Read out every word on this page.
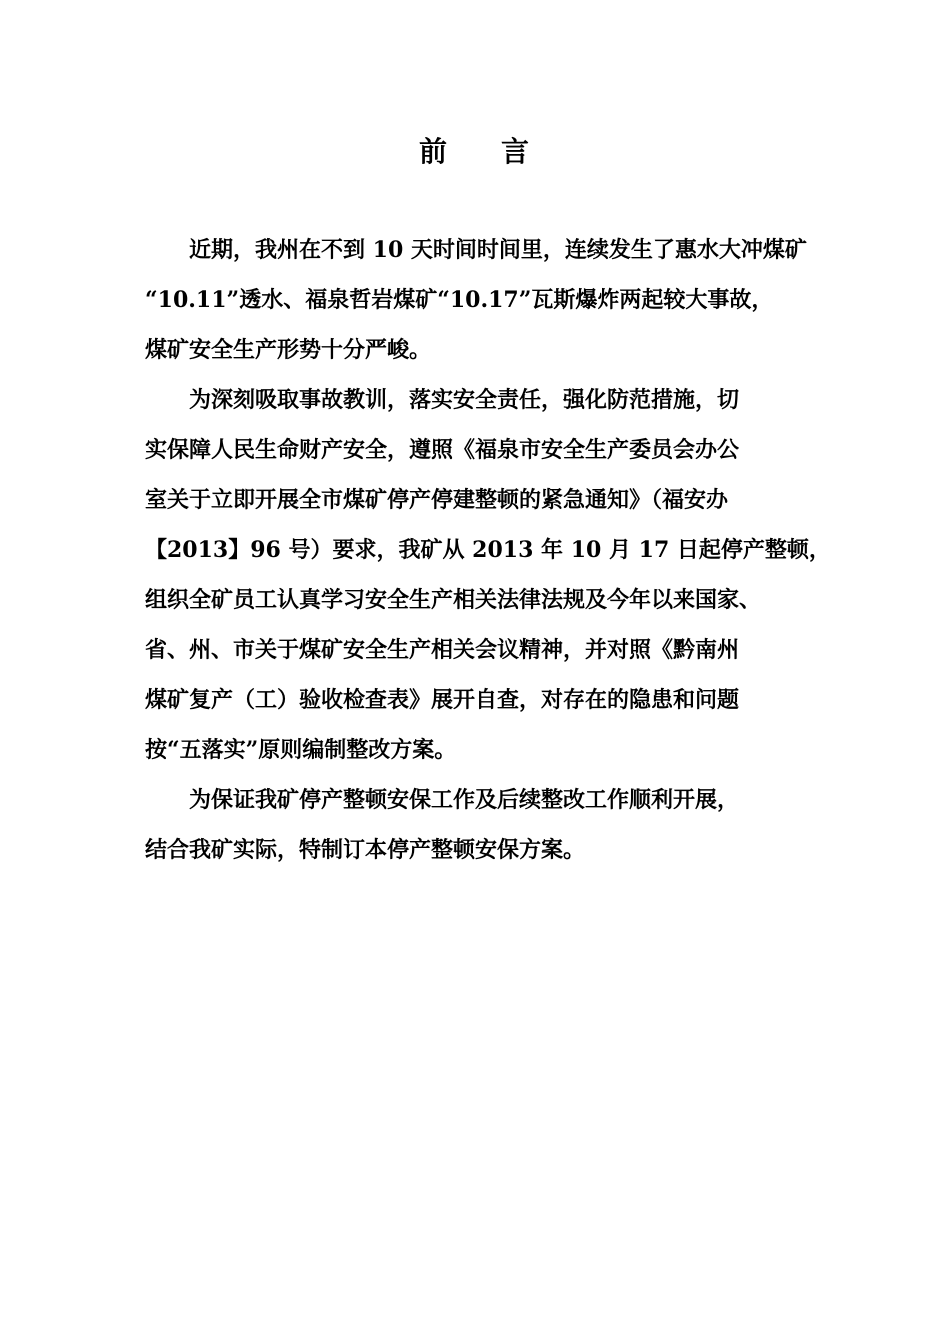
前 言
近期，我州在不到 10 天时间时间里，连续发生了惠水大冲煤矿
“10.11”透水、福泉哲岩煤矿“10.17”瓦斯爆炸两起较大事故，
煤矿安全生产形势十分严峻。
为深刻吸取事故教训，落实安全责任，强化防范措施，切
实保障人民生命财产安全，遵照《福泉市安全生产委员会办公
室关于立即开展全市煤矿停产停建整顿的紧急通知》（福安办
【2013】96 号）要求，我矿从 2013 年 10 月 17 日起停产整顿，
组织全矿员工认真学习安全生产相关法律法规及今年以来国家、
省、州、市关于煤矿安全生产相关会议精神，并对照《黔南州
煤矿复产（工）验收检查表》展开自查，对存在的隐患和问题
按“五落实”原则编制整改方案。
为保证我矿停产整顿安保工作及后续整改工作顺利开展，
结合我矿实际，特制订本停产整顿安保方案。
